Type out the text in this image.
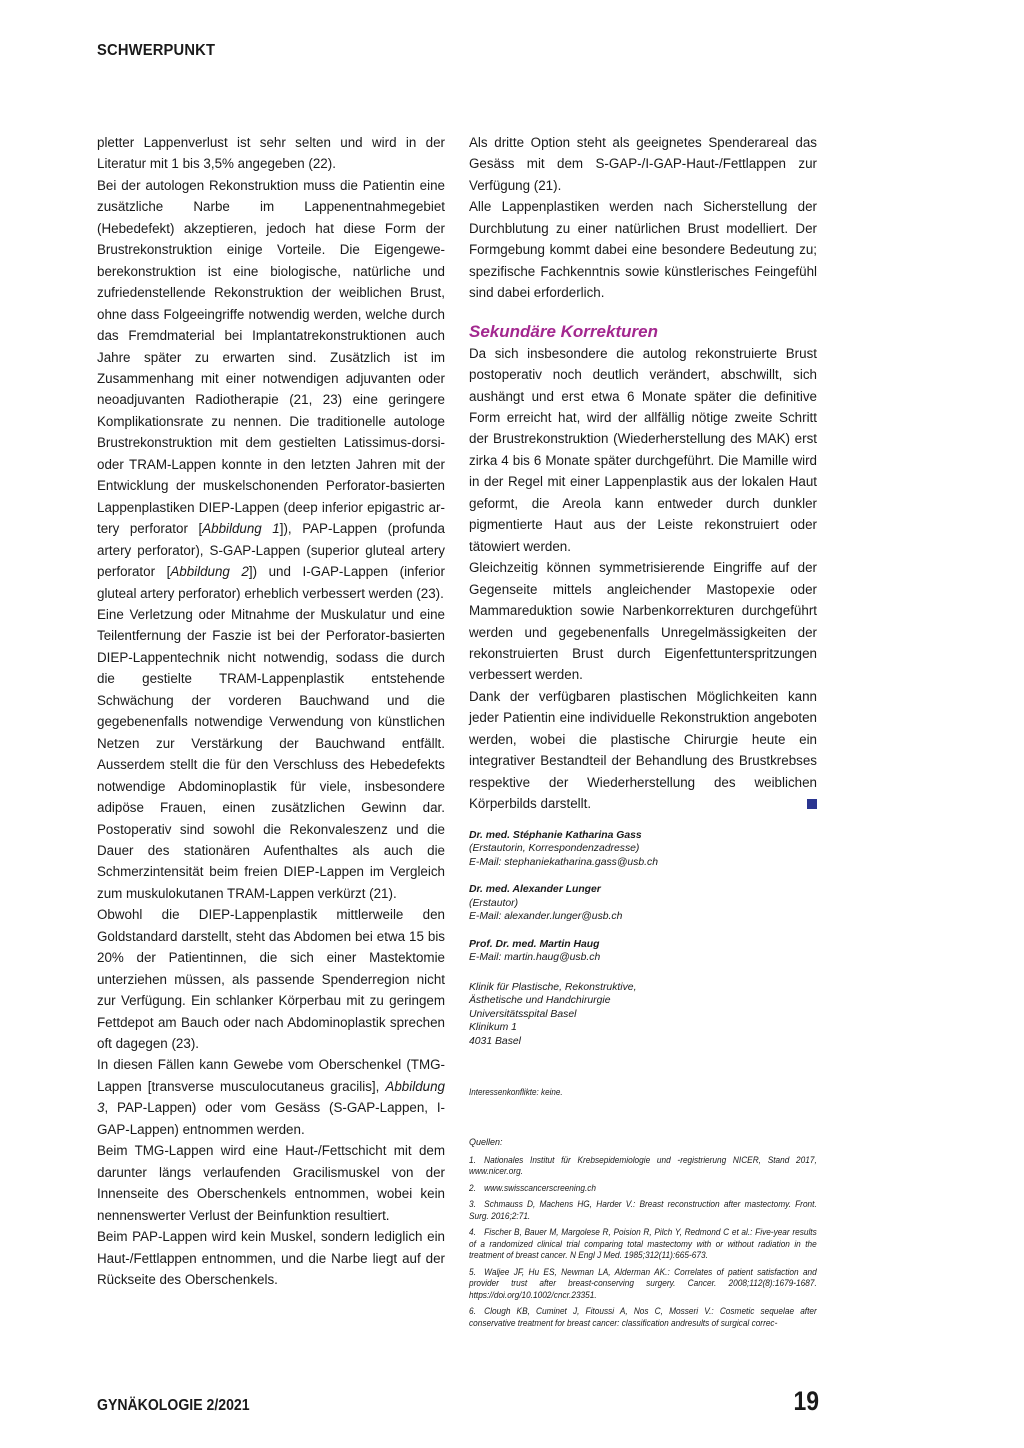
SCHWERPUNKT

pletter Lappenverlust ist sehr selten und wird in der Literatur mit 1 bis 3,5% angegeben (22).

Bei der autologen Rekonstruktion muss die Patientin eine zusätzliche Narbe im Lappenentnahmegebiet (Hebedefekt) akzeptieren, jedoch hat diese Form der Brustrekonstruktion einige Vorteile. Die Eigengeweberekonstruktion ist eine biologische, natürliche und zufriedenstellende Rekonstruktion der weiblichen Brust, ohne dass Folgeeingriffe notwendig werden, welche durch das Fremdmaterial bei Implantatrekonstruktionen auch Jahre später zu erwarten sind. Zusätzlich ist im Zusammenhang mit einer notwendigen adjuvanten oder neoadjuvanten Radiotherapie (21, 23) eine geringere Komplikationsrate zu nennen. Die traditionelle autologe Brustrekonstruktion mit dem gestielten Latissimus-dorsi- oder TRAM-Lappen konnte in den letzten Jahren mit der Entwicklung der muskelschonenden Perforator-basierten Lappenplastiken DIEP-Lappen (deep inferior epigastric artery perforator [Abbildung 1]), PAP-Lappen (profunda artery perforator), S-GAP-Lappen (superior gluteal artery perforator [Abbildung 2]) und I-GAP-Lappen (inferior gluteal artery perforator) erheblich verbessert werden (23).

Eine Verletzung oder Mitnahme der Muskulatur und eine Teilentfernung der Faszie ist bei der Perforator-basierten DIEP-Lappentechnik nicht notwendig, sodass die durch die gestielte TRAM-Lappenplastik entstehende Schwächung der vorderen Bauchwand und die gegebenenfalls notwendige Verwendung von künstlichen Netzen zur Verstärkung der Bauchwand entfällt. Ausserdem stellt die für den Verschluss des Hebedefekts notwendige Abdominoplastik für viele, insbesondere adipöse Frauen, einen zusätzlichen Gewinn dar. Postoperativ sind sowohl die Rekonvaleszenz und die Dauer des stationären Aufenthaltes als auch die Schmerzintensität beim freien DIEP-Lappen im Vergleich zum muskulokutanen TRAM-Lappen verkürzt (21).

Obwohl die DIEP-Lappenplastik mittlerweile den Goldstandard darstellt, steht das Abdomen bei etwa 15 bis 20% der Patientinnen, die sich einer Mastektomie unterziehen müssen, als passende Spenderregion nicht zur Verfügung. Ein schlanker Körperbau mit zu geringem Fettdepot am Bauch oder nach Abdominoplastik sprechen oft dagegen (23).

In diesen Fällen kann Gewebe vom Oberschenkel (TMG-Lappen [transverse musculocutaneus gracilis], Abbildung 3, PAP-Lappen) oder vom Gesäss (S-GAP-Lappen, I-GAP-Lappen) entnommen werden.

Beim TMG-Lappen wird eine Haut-/Fettschicht mit dem darunter längs verlaufenden Gracilismuskel von der Innenseite des Oberschenkels entnommen, wobei kein nennenswerter Verlust der Beinfunktion resultiert.

Beim PAP-Lappen wird kein Muskel, sondern lediglich ein Haut-/Fettlappen entnommen, und die Narbe liegt auf der Rückseite des Oberschenkels.

Als dritte Option steht als geeignetes Spenderareal das Gesäss mit dem S-GAP-/I-GAP-Haut-/Fettlappen zur Verfügung (21).

Alle Lappenplastiken werden nach Sicherstellung der Durchblutung zu einer natürlichen Brust modelliert. Der Formgebung kommt dabei eine besondere Bedeutung zu; spezifische Fachkenntnis sowie künstlerisches Feingefühl sind dabei erforderlich.

Sekundäre Korrekturen

Da sich insbesondere die autolog rekonstruierte Brust postoperativ noch deutlich verändert, abschwillt, sich aushängt und erst etwa 6 Monate später die definitive Form erreicht hat, wird der allfällig nötige zweite Schritt der Brustrekonstruktion (Wiederherstellung des MAK) erst zirka 4 bis 6 Monate später durchgeführt. Die Mamille wird in der Regel mit einer Lappenplastik aus der lokalen Haut geformt, die Areola kann entweder durch dunkler pigmentierte Haut aus der Leiste rekonstruiert oder tätowiert werden.

Gleichzeitig können symmetrisierende Eingriffe auf der Gegenseite mittels angleichender Mastopexie oder Mammareduktion sowie Narbenkorrekturen durchgeführt werden und gegebenenfalls Unregelmässigkeiten der rekonstruierten Brust durch Eigenfettunterspritzungen verbessert werden.

Dank der verfügbaren plastischen Möglichkeiten kann jeder Patientin eine individuelle Rekonstruktion angeboten werden, wobei die plastische Chirurgie heute ein integrativer Bestandteil der Behandlung des Brustkrebses respektive der Wiederherstellung des weiblichen Körperbilds darstellt.

Dr. med. Stéphanie Katharina Gass
(Erstautorin, Korrespondenzadresse)
E-Mail: stephaniekatharina.gass@usb.ch
Dr. med. Alexander Lunger
(Erstautor)
E-Mail: alexander.lunger@usb.ch
Prof. Dr. med. Martin Haug
E-Mail: martin.haug@usb.ch
Klinik für Plastische, Rekonstruktive,
Ästhetische und Handchirurgie
Universitätsspital Basel
Klinikum 1
4031 Basel
Interessenkonflikte: keine.
Quellen:
1. Nationales Institut für Krebsepidemiologie und -registrierung NICER, Stand 2017, www.nicer.org.
2. www.swisscancerscreening.ch
3. Schmauss D, Machens HG, Harder V.: Breast reconstruction after mastectomy. Front. Surg. 2016;2:71.
4. Fischer B, Bauer M, Margolese R, Poision R, Pilch Y, Redmond C et al.: Five-year results of a randomized clinical trial comparing total mastectomy with or without radiation in the treatment of breast cancer. N Engl J Med. 1985;312(11):665-673.
5. Waljee JF, Hu ES, Newman LA, Alderman AK.: Correlates of patient satisfaction and provider trust after breast-conserving surgery. Cancer. 2008;112(8):1679-1687. https://doi.org/10.1002/cncr.23351.
6. Clough KB, Cuminet J, Fitoussi A, Nos C, Mosseri V.: Cosmetic sequelae after conservative treatment for breast cancer: classification andresults of surgical correc-
GYNÄKOLOGIE 2/2021	19
